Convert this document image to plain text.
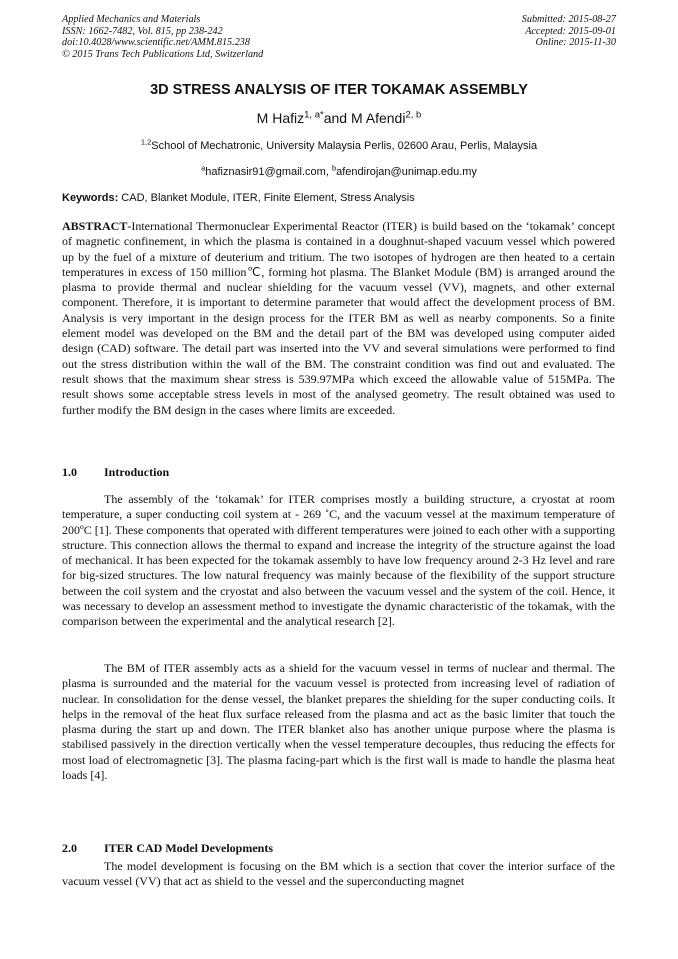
Applied Mechanics and Materials
ISSN: 1662-7482, Vol. 815, pp 238-242
doi:10.4028/www.scientific.net/AMM.815.238
© 2015 Trans Tech Publications Ltd, Switzerland
Submitted: 2015-08-27
Accepted: 2015-09-01
Online: 2015-11-30
3D STRESS ANALYSIS OF ITER TOKAMAK ASSEMBLY
M Hafiz$^{1, a*}$and M Afendi$^{2, b}$
$^{1,2}$School of Mechatronic, University Malaysia Perlis, 02600 Arau, Perlis, Malaysia
$^a$hafiznasir91@gmail.com, $^b$afendirojan@unimap.edu.my
Keywords: CAD, Blanket Module, ITER, Finite Element, Stress Analysis

ABSTRACT-International Thermonuclear Experimental Reactor (ITER) is build based on the ‘tokamak’ concept of magnetic confinement, in which the plasma is contained in a doughnut-shaped vacuum vessel which powered up by the fuel of a mixture of deuterium and tritium. The two isotopes of hydrogen are then heated to a certain temperatures in excess of 150 million℃, forming hot plasma. The Blanket Module (BM) is arranged around the plasma to provide thermal and nuclear shielding for the vacuum vessel (VV), magnets, and other external component. Therefore, it is important to determine parameter that would affect the development process of BM. Analysis is very important in the design process for the ITER BM as well as nearby components. So a finite element model was developed on the BM and the detail part of the BM was developed using computer aided design (CAD) software. The detail part was inserted into the VV and several simulations were performed to find out the stress distribution within the wall of the BM. The constraint condition was find out and evaluated. The result shows that the maximum shear stress is 539.97MPa which exceed the allowable value of 515MPa. The result shows some acceptable stress levels in most of the analysed geometry. The result obtained was used to further modify the BM design in the cases where limits are exceeded.

1.0 Introduction

The assembly of the ‘tokamak’ for ITER comprises mostly a building structure, a cryostat at room temperature, a super conducting coil system at - 269 ˚C, and the vacuum vessel at the maximum temperature of 200ºC [1]. These components that operated with different temperatures were joined to each other with a supporting structure. This connection allows the thermal to expand and increase the integrity of the structure against the load of mechanical. It has been expected for the tokamak assembly to have low frequency around 2-3 Hz level and rare for big-sized structures. The low natural frequency was mainly because of the flexibility of the support structure between the coil system and the cryostat and also between the vacuum vessel and the system of the coil. Hence, it was necessary to develop an assessment method to investigate the dynamic characteristic of the tokamak, with the comparison between the experimental and the analytical research [2].

The BM of ITER assembly acts as a shield for the vacuum vessel in terms of nuclear and thermal. The plasma is surrounded and the material for the vacuum vessel is protected from increasing level of radiation of nuclear. In consolidation for the dense vessel, the blanket prepares the shielding for the super conducting coils. It helps in the removal of the heat flux surface released from the plasma and act as the basic limiter that touch the plasma during the start up and down. The ITER blanket also has another unique purpose where the plasma is stabilised passively in the direction vertically when the vessel temperature decouples, thus reducing the effects for most load of electromagnetic [3]. The plasma facing-part which is the first wall is made to handle the plasma heat loads [4].

2.0 ITER CAD Model Developments

The model development is focusing on the BM which is a section that cover the interior surface of the vacuum vessel (VV) that act as shield to the vessel and the superconducting magnet
